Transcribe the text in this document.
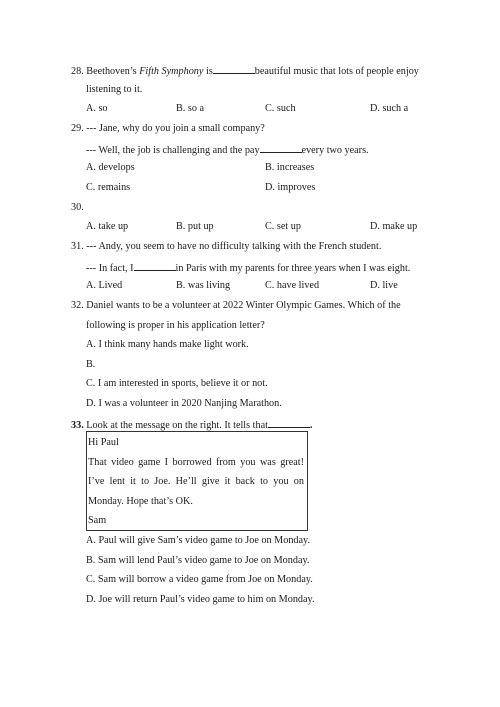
28. Beethoven’s Fifth Symphony is	beautiful music that lots of people enjoy
listening to it.
A. so	B. so a	C. such	D. such a
29. --- Jane, why do you join a small company?
--- Well, the job is challenging and the pay	every two years.
A. develops	B. increases
C. remains	D. improves
30.
A. take up	B. put up	C. set up	D. make up
31. --- Andy, you seem to have no difficulty talking with the French student.
--- In fact, I	in Paris with my parents for three years when I was eight.
A. Lived	B. was living	C. have lived	D. live
32. Daniel wants to be a volunteer at 2022 Winter Olympic Games. Which of the
following is proper in his application letter?
A. I think many hands make light work.
B.
C. I am interested in sports, believe it or not.
D. I was a volunteer in 2020 Nanjing Marathon.
33. Look at the message on the right. It tells that	.
Hi Paul
That video game I borrowed from you was great!
I’ve lent it to Joe. He’ll give it back to you on
Monday. Hope that’s OK.
Sam
A. Paul will give Sam’s video game to Joe on Monday.
B. Sam will lend Paul’s video game to Joe on Monday.
C. Sam will borrow a video game from Joe on Monday.
D. Joe will return Paul’s video game to him on Monday.
